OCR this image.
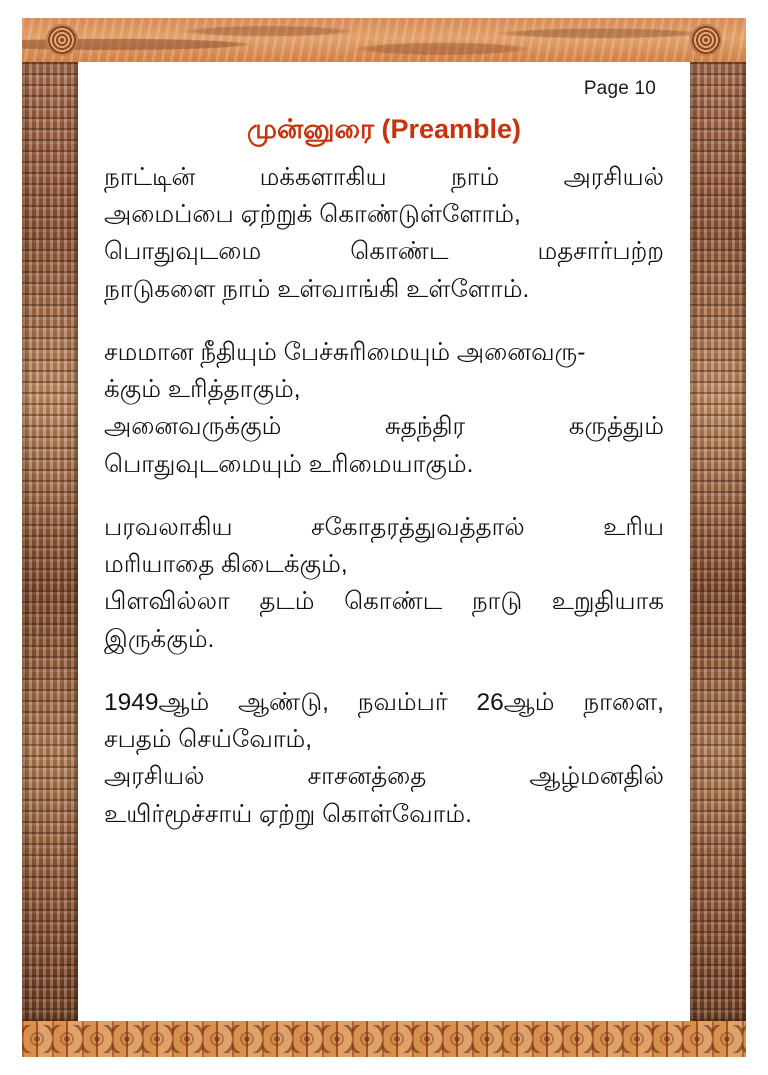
Page 10
முன்னுரை (Preamble)
நாட்டின்	மக்களாகிய	நாம்	அரசியல்
அமைப்பை ஏற்றுக் கொண்டுள்ளோம்,
பொதுவுடமை	கொண்ட	மதசார்பற்ற
நாடுகளை நாம் உள்வாங்கி உள்ளோம்.
சமமான நீதியும் பேச்சுரிமையும் அனைவரு-
க்கும் உரித்தாகும்,
அனைவருக்கும்	சுதந்திர	கருத்தும்
பொதுவுடமையும் உரிமையாகும்.
பரவலாகிய	சகோதரத்துவத்தால்	உரிய
மரியாதை கிடைக்கும்,
பிளவில்லா தடம் கொண்ட நாடு உறுதியாக
இருக்கும்.
1949ஆம் ஆண்டு, நவம்பர் 26ஆம் நாளை,
சபதம் செய்வோம்,
அரசியல்	சாசனத்தை	ஆழ்மனதில்
உயிர்மூச்சாய் ஏற்று கொள்வோம்.
